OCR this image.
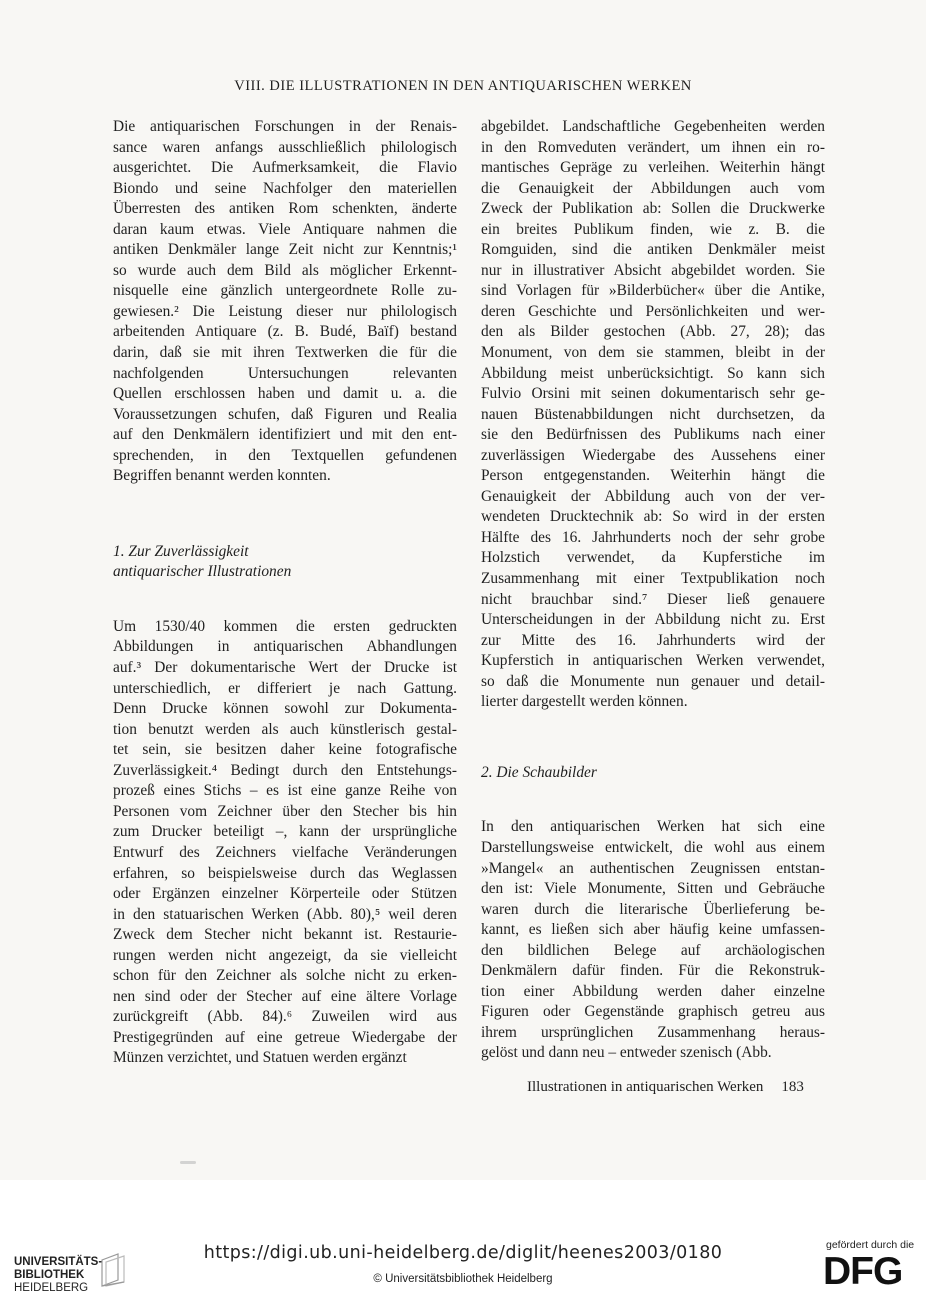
VIII. DIE ILLUSTRATIONEN IN DEN ANTIQUARISCHEN WERKEN

Die antiquarischen Forschungen in der Renais-
sance waren anfangs ausschließlich philologisch
ausgerichtet. Die Aufmerksamkeit, die Flavio
Biondo und seine Nachfolger den materiellen
Überresten des antiken Rom schenkten, änderte
daran kaum etwas. Viele Antiquare nahmen die
antiken Denkmäler lange Zeit nicht zur Kenntnis;¹
so wurde auch dem Bild als möglicher Erkennt-
nisquelle eine gänzlich untergeordnete Rolle zu-
gewiesen.² Die Leistung dieser nur philologisch
arbeitenden Antiquare (z. B. Budé, Baïf) bestand
darin, daß sie mit ihren Textwerken die für die
nachfolgenden Untersuchungen relevanten
Quellen erschlossen haben und damit u. a. die
Voraussetzungen schufen, daß Figuren und Realia
auf den Denkmälern identifiziert und mit den ent-
sprechenden, in den Textquellen gefundenen
Begriffen benannt werden konnten.

1. Zur Zuverlässigkeit
antiquarischer Illustrationen

Um 1530/40 kommen die ersten gedruckten
Abbildungen in antiquarischen Abhandlungen
auf.³ Der dokumentarische Wert der Drucke ist
unterschiedlich, er differiert je nach Gattung.
Denn Drucke können sowohl zur Dokumenta-
tion benutzt werden als auch künstlerisch gestal-
tet sein, sie besitzen daher keine fotografische
Zuverlässigkeit.⁴ Bedingt durch den Entstehungs-
prozeß eines Stichs – es ist eine ganze Reihe von
Personen vom Zeichner über den Stecher bis hin
zum Drucker beteiligt –, kann der ursprüngliche
Entwurf des Zeichners vielfache Veränderungen
erfahren, so beispielsweise durch das Weglassen
oder Ergänzen einzelner Körperteile oder Stützen
in den statuarischen Werken (Abb. 80),⁵ weil deren
Zweck dem Stecher nicht bekannt ist. Restaurie-
rungen werden nicht angezeigt, da sie vielleicht
schon für den Zeichner als solche nicht zu erken-
nen sind oder der Stecher auf eine ältere Vorlage
zurückgreift (Abb. 84).⁶ Zuweilen wird aus
Prestigegründen auf eine getreue Wiedergabe der
Münzen verzichtet, und Statuen werden ergänzt

abgebildet. Landschaftliche Gegebenheiten werden
in den Romveduten verändert, um ihnen ein ro-
mantisches Gepräge zu verleihen. Weiterhin hängt
die Genauigkeit der Abbildungen auch vom
Zweck der Publikation ab: Sollen die Druckwerke
ein breites Publikum finden, wie z. B. die
Romguiden, sind die antiken Denkmäler meist
nur in illustrativer Absicht abgebildet worden. Sie
sind Vorlagen für »Bilderbücher« über die Antike,
deren Geschichte und Persönlichkeiten und wer-
den als Bilder gestochen (Abb. 27, 28); das
Monument, von dem sie stammen, bleibt in der
Abbildung meist unberücksichtigt. So kann sich
Fulvio Orsini mit seinen dokumentarisch sehr ge-
nauen Büstenabbildungen nicht durchsetzen, da
sie den Bedürfnissen des Publikums nach einer
zuverlässigen Wiedergabe des Aussehens einer
Person entgegenstanden. Weiterhin hängt die
Genauigkeit der Abbildung auch von der ver-
wendeten Drucktechnik ab: So wird in der ersten
Hälfte des 16. Jahrhunderts noch der sehr grobe
Holzstich verwendet, da Kupferstiche im
Zusammenhang mit einer Textpublikation noch
nicht brauchbar sind.⁷ Dieser ließ genauere
Unterscheidungen in der Abbildung nicht zu. Erst
zur Mitte des 16. Jahrhunderts wird der
Kupferstich in antiquarischen Werken verwendet,
so daß die Monumente nun genauer und detail-
lierter dargestellt werden können.

2. Die Schaubilder

In den antiquarischen Werken hat sich eine
Darstellungsweise entwickelt, die wohl aus einem
»Mangel« an authentischen Zeugnissen entstan-
den ist: Viele Monumente, Sitten und Gebräuche
waren durch die literarische Überlieferung be-
kannt, es ließen sich aber häufig keine umfassen-
den bildlichen Belege auf archäologischen
Denkmälern dafür finden. Für die Rekonstruk-
tion einer Abbildung werden daher einzelne
Figuren oder Gegenstände graphisch getreu aus
ihrem ursprünglichen Zusammenhang heraus-
gelöst und dann neu – entweder szenisch (Abb.

Illustrationen in antiquarischen Werken 183
UNIVERSITÄTS-
BIBLIOTHEK
HEIDELBERG
https://digi.ub.uni-heidelberg.de/diglit/heenes2003/0180
© Universitätsbibliothek Heidelberg
gefördert durch die
DFG
